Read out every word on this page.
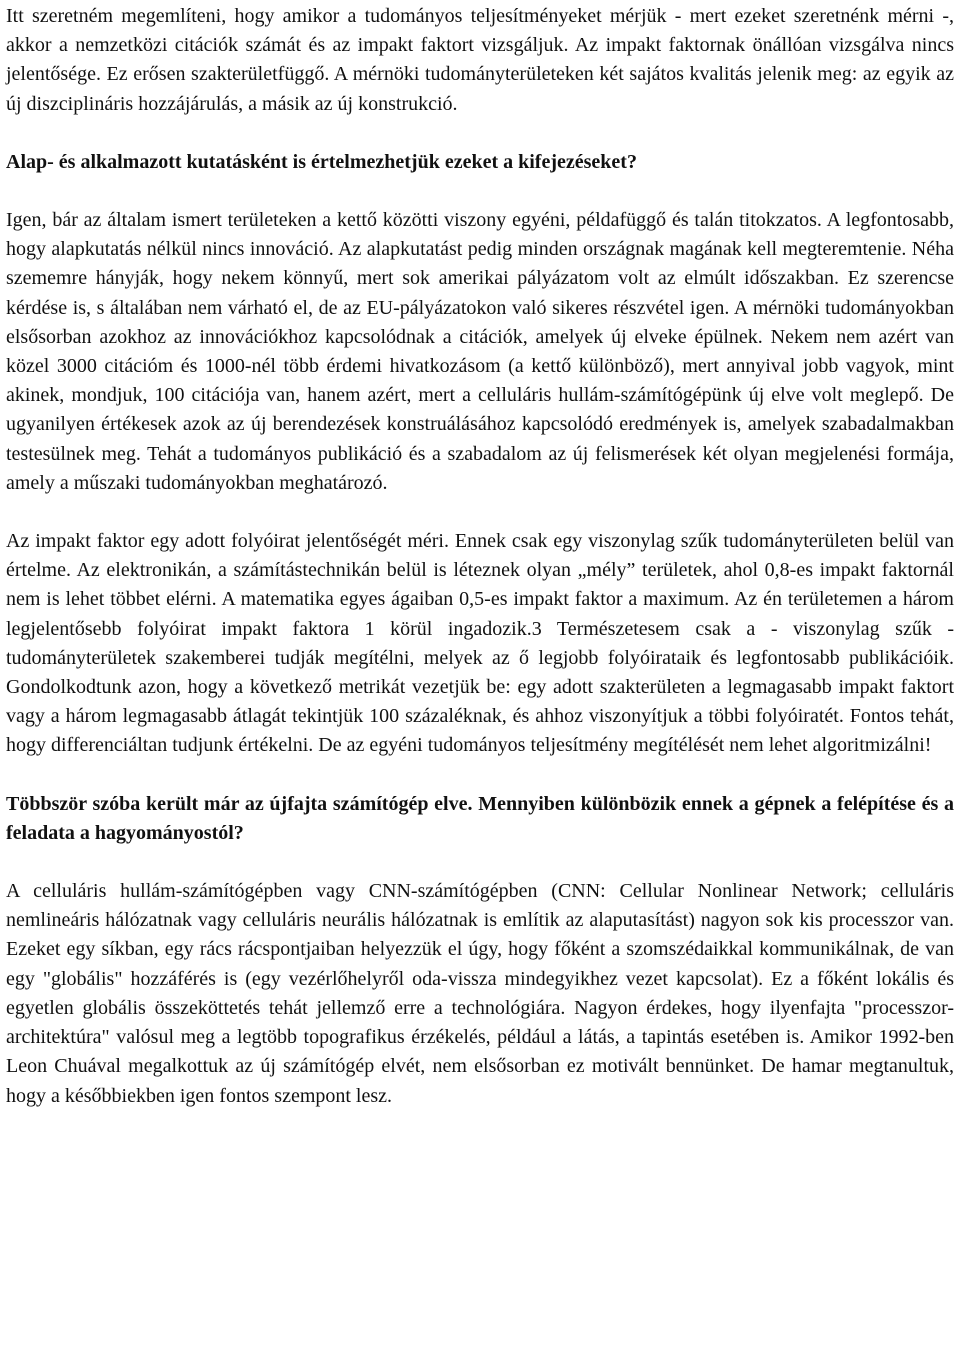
Itt szeretném megemlíteni, hogy amikor a tudományos teljesítményeket mérjük - mert ezeket szeretnénk mérni -, akkor a nemzetközi citációk számát és az impakt faktort vizsgáljuk. Az impakt faktornak önállóan vizsgálva nincs jelentősége. Ez erősen szakterületfüggő. A mérnöki tudományterületeken két sajátos kvalitás jelenik meg: az egyik az új diszciplináris hozzájárulás, a másik az új konstrukció.

Alap- és alkalmazott kutatásként is értelmezhetjük ezeket a kifejezéseket?

Igen, bár az általam ismert területeken a kettő közötti viszony egyéni, példafüggő és talán titokzatos. A legfontosabb, hogy alapkutatás nélkül nincs innováció. Az alapkutatást pedig minden országnak magának kell megteremtenie. Néha szememre hányják, hogy nekem könnyű, mert sok amerikai pályázatom volt az elmúlt időszakban. Ez szerencse kérdése is, s általában nem várható el, de az EU-pályázatokon való sikeres részvétel igen. A mérnöki tudományokban elsősorban azokhoz az innovációkhoz kapcsolódnak a citációk, amelyek új elveke épülnek. Nekem nem azért van közel 3000 citációm és 1000-nél több érdemi hivatkozásom (a kettő különböző), mert annyival jobb vagyok, mint akinek, mondjuk, 100 citációja van, hanem azért, mert a celluláris hullám-számítógépünk új elve volt meglepő. De ugyanilyen értékesek azok az új berendezések konstruálásához kapcsolódó eredmények is, amelyek szabadalmakban testesülnek meg. Tehát a tudományos publikáció és a szabadalom az új felismerések két olyan megjelenési formája, amely a műszaki tudományokban meghatározó.

Az impakt faktor egy adott folyóirat jelentőségét méri. Ennek csak egy viszonylag szűk tudományterületen belül van értelme. Az elektronikán, a számítástechnikán belül is léteznek olyan „mély” területek, ahol 0,8-es impakt faktornál nem is lehet többet elérni. A matematika egyes ágaiban 0,5-es impakt faktor a maximum. Az én területemen a három legjelentősebb folyóirat impakt faktora 1 körül ingadozik.3 Természetesem csak a - viszonylag szűk - tudományterületek szakemberei tudják megítélni, melyek az ő legjobb folyóirataik és legfontosabb publikációik. Gondolkodtunk azon, hogy a következő metrikát vezetjük be: egy adott szakterületen a legmagasabb impakt faktort vagy a három legmagasabb átlagát tekintjük 100 százaléknak, és ahhoz viszonyítjuk a többi folyóiratét. Fontos tehát, hogy differenciáltan tudjunk értékelni. De az egyéni tudományos teljesítmény megítélését nem lehet algoritmizálni!

Többször szóba került már az újfajta számítógép elve. Mennyiben különbözik ennek a gépnek a felépítése és a feladata a hagyományostól?

A celluláris hullám-számítógépben vagy CNN-számítógépben (CNN: Cellular Nonlinear Network; celluláris nemlineáris hálózatnak vagy celluláris neurális hálózatnak is említik az alaputasítást) nagyon sok kis processzor van. Ezeket egy síkban, egy rács rácspontjaiban helyezzük el úgy, hogy főként a szomszédaikkal kommunikálnak, de van egy "globális" hozzáférés is (egy vezérlőhelyről oda-vissza mindegyikhez vezet kapcsolat). Ez a főként lokális és egyetlen globális összeköttetés tehát jellemző erre a technológiára. Nagyon érdekes, hogy ilyenfajta "processzor-architektúra" valósul meg a legtöbb topografikus érzékelés, például a látás, a tapintás esetében is. Amikor 1992-ben Leon Chuával megalkottuk az új számítógép elvét, nem elsősorban ez motivált bennünket. De hamar megtanultuk, hogy a későbbiekben igen fontos szempont lesz.
